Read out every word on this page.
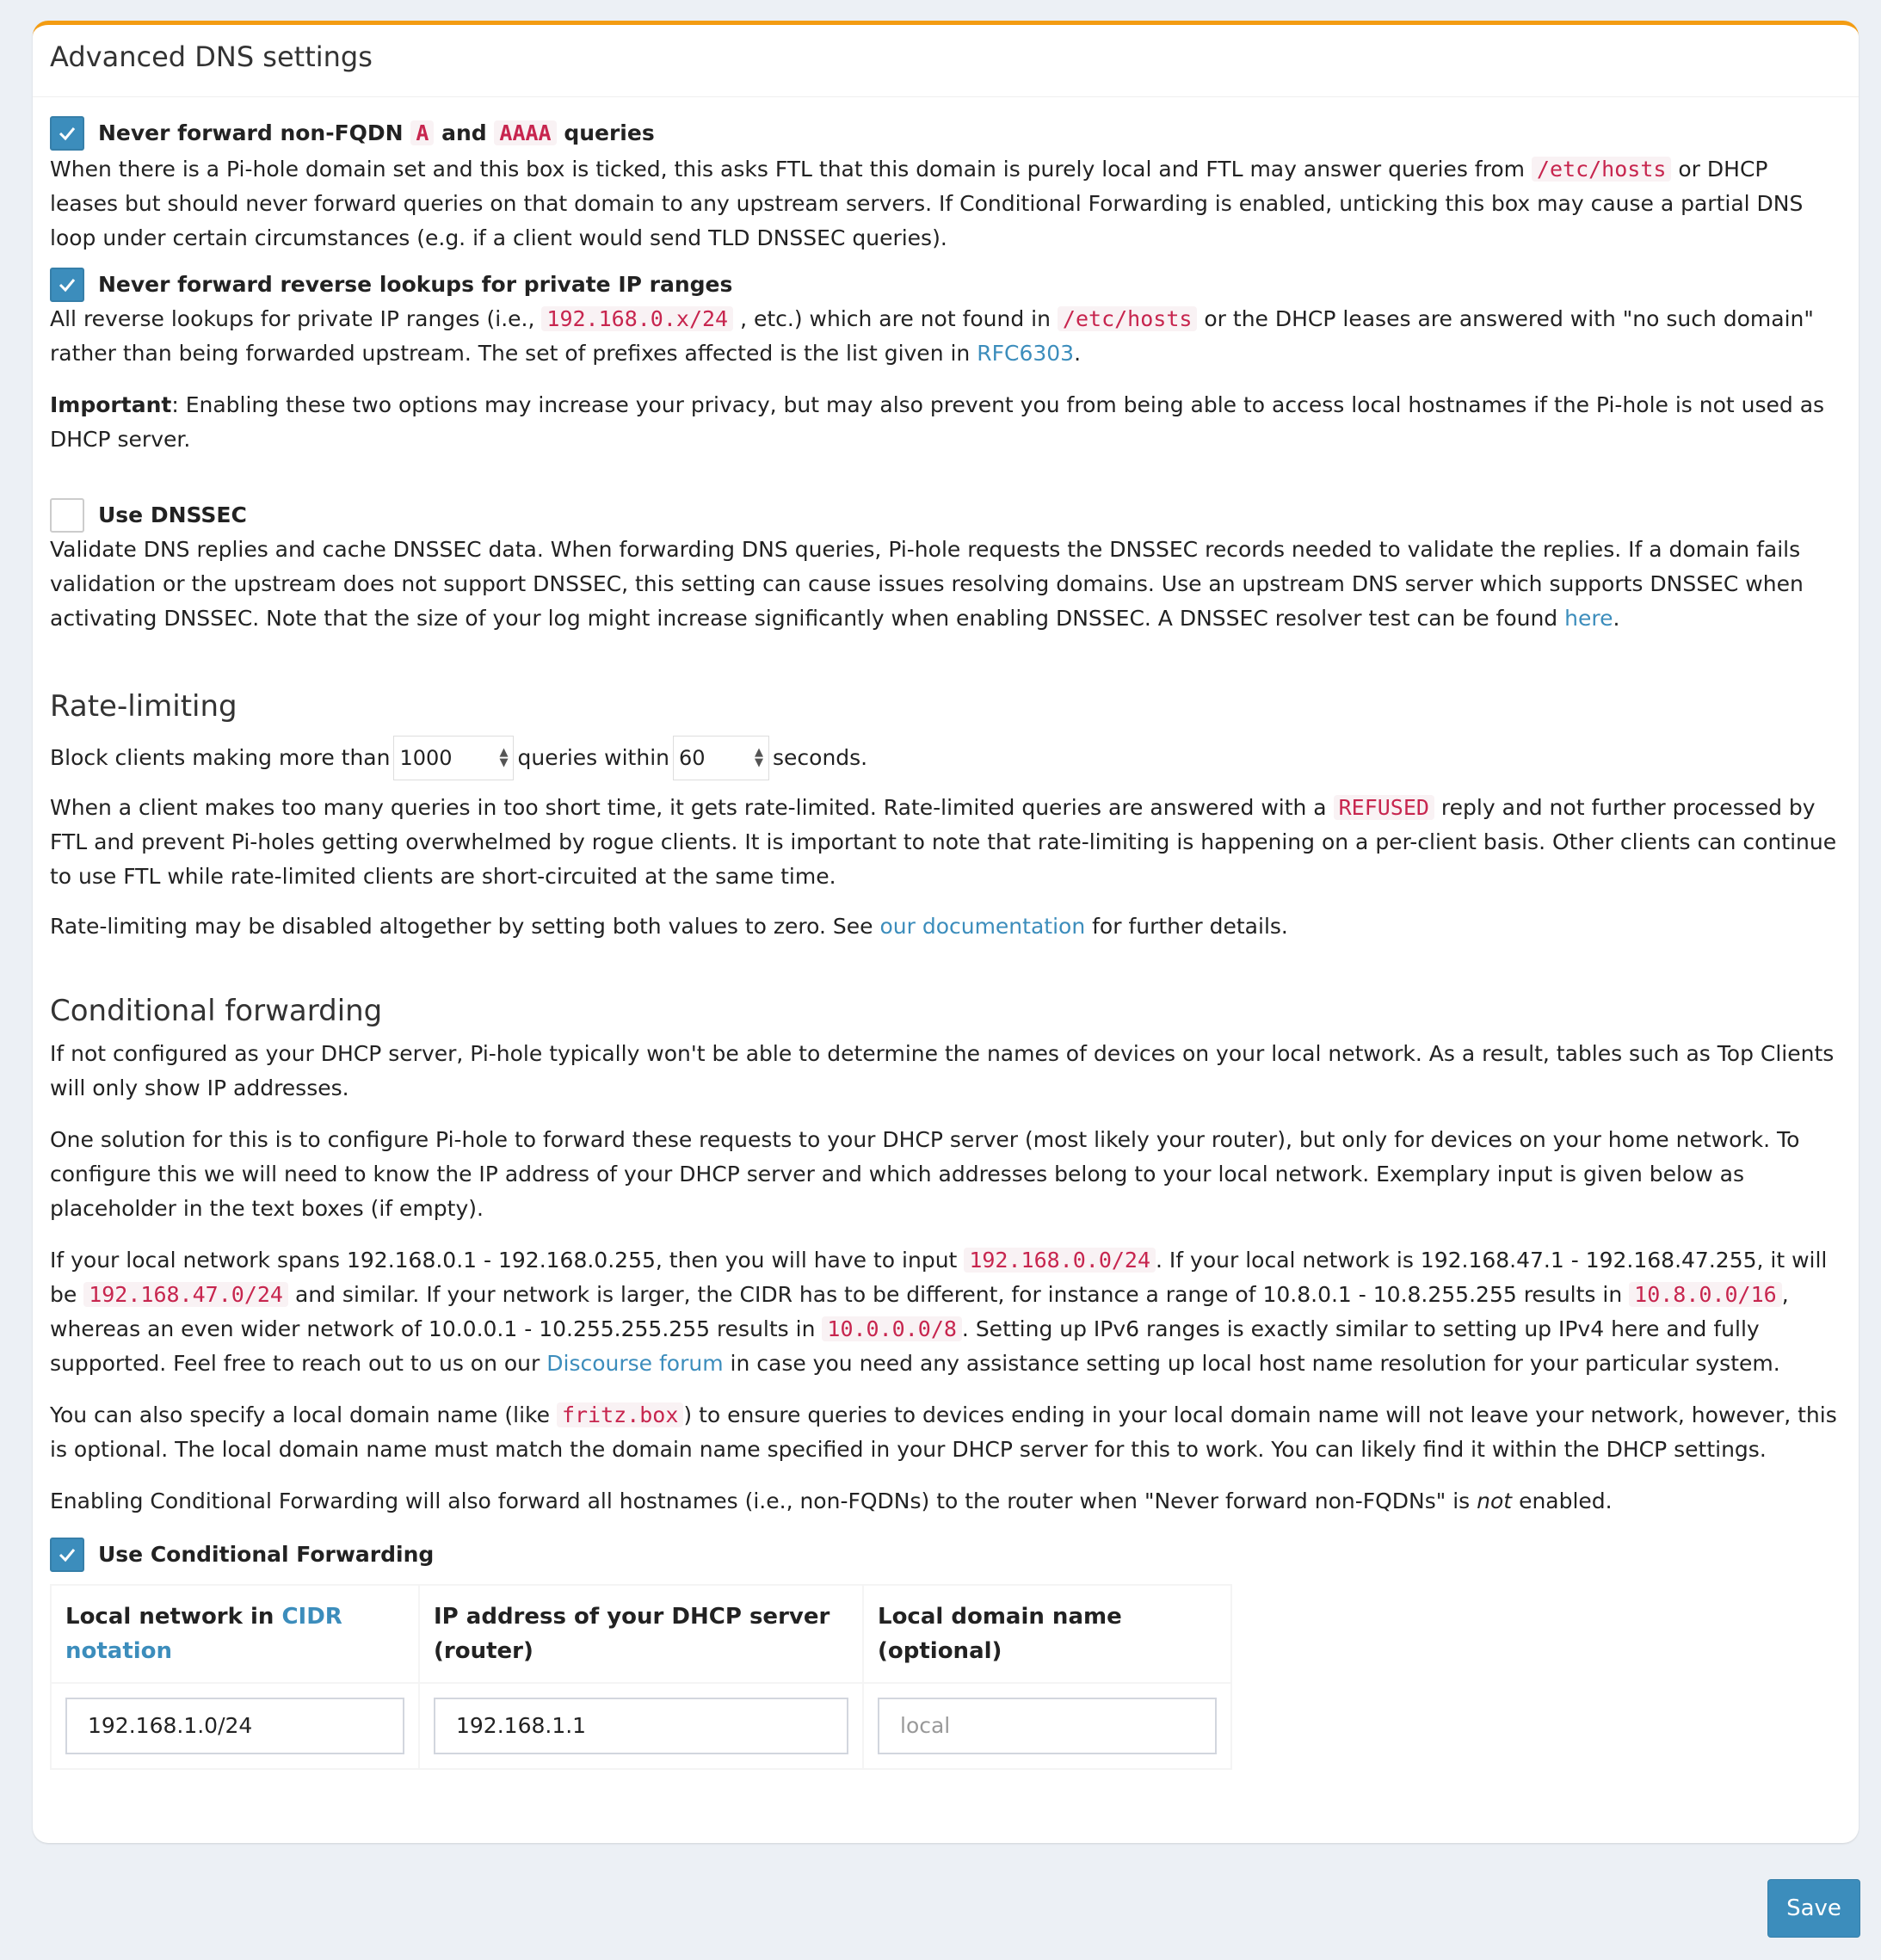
Advanced DNS settings
Never forward non-FQDN A and AAAA queries

When there is a Pi-hole domain set and this box is ticked, this asks FTL that this domain is purely local and FTL may answer queries from /etc/hosts or DHCP leases but should never forward queries on that domain to any upstream servers. If Conditional Forwarding is enabled, unticking this box may cause a partial DNS loop under certain circumstances (e.g. if a client would send TLD DNSSEC queries).

Never forward reverse lookups for private IP ranges

All reverse lookups for private IP ranges (i.e., 192.168.0.x/24 , etc.) which are not found in /etc/hosts or the DHCP leases are answered with "no such domain" rather than being forwarded upstream. The set of prefixes affected is the list given in RFC6303.

Important: Enabling these two options may increase your privacy, but may also prevent you from being able to access local hostnames if the Pi-hole is not used as DHCP server.

Use DNSSEC

Validate DNS replies and cache DNSSEC data. When forwarding DNS queries, Pi-hole requests the DNSSEC records needed to validate the replies. If a domain fails validation or the upstream does not support DNSSEC, this setting can cause issues resolving domains. Use an upstream DNS server which supports DNSSEC when activating DNSSEC. Note that the size of your log might increase significantly when enabling DNSSEC. A DNSSEC resolver test can be found here.

Rate-limiting
Block clients making more than 1000	▲
▼ queries within 60	▲
▼ seconds.

When a client makes too many queries in too short time, it gets rate-limited. Rate-limited queries are answered with a REFUSED reply and not further processed by FTL and prevent Pi-holes getting overwhelmed by rogue clients. It is important to note that rate-limiting is happening on a per-client basis. Other clients can continue to use FTL while rate-limited clients are short-circuited at the same time.

Rate-limiting may be disabled altogether by setting both values to zero. See our documentation for further details.

Conditional forwarding

If not configured as your DHCP server, Pi-hole typically won't be able to determine the names of devices on your local network. As a result, tables such as Top Clients will only show IP addresses.

One solution for this is to configure Pi-hole to forward these requests to your DHCP server (most likely your router), but only for devices on your home network. To configure this we will need to know the IP address of your DHCP server and which addresses belong to your local network. Exemplary input is given below as placeholder in the text boxes (if empty).

If your local network spans 192.168.0.1 - 192.168.0.255, then you will have to input 192.168.0.0/24 . If your local network is 192.168.47.1 - 192.168.47.255, it will be 192.168.47.0/24 and similar. If your network is larger, the CIDR has to be different, for instance a range of 10.8.0.1 - 10.8.255.255 results in 10.8.0.0/16 , whereas an even wider network of 10.0.0.1 - 10.255.255.255 results in 10.0.0.0/8 . Setting up IPv6 ranges is exactly similar to setting up IPv4 here and fully supported. Feel free to reach out to us on our Discourse forum in case you need any assistance setting up local host name resolution for your particular system.

You can also specify a local domain name (like fritz.box ) to ensure queries to devices ending in your local domain name will not leave your network, however, this is optional. The local domain name must match the domain name specified in your DHCP server for this to work. You can likely find it within the DHCP settings.

Enabling Conditional Forwarding will also forward all hostnames (i.e., non-FQDNs) to the router when "Never forward non-FQDNs" is not enabled.

Use Conditional Forwarding
Local network in CIDR notation	IP address of your DHCP server (router)	Local domain name (optional)

192.168.1.0/24	192.168.1.1	local
Save
